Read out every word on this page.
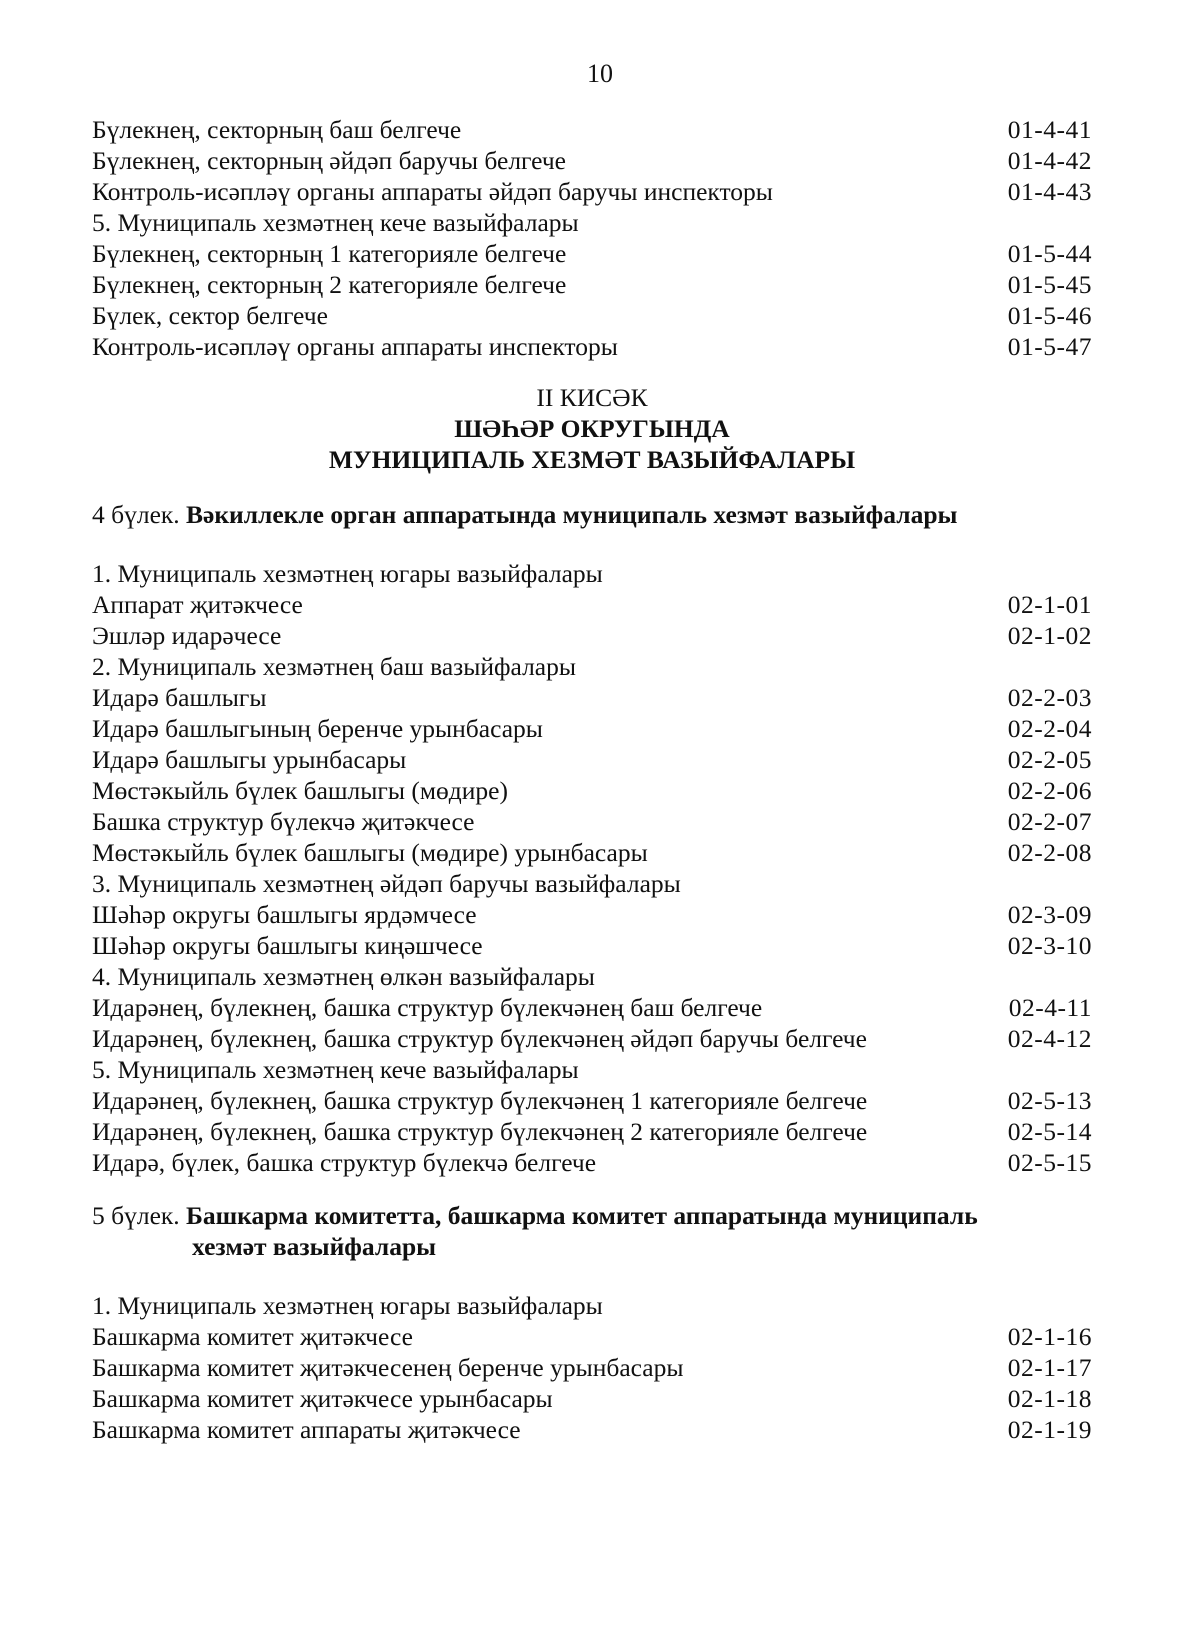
10
Бүлекнең, секторның баш белгече	01-4-41
Бүлекнең, секторның әйдәп баручы белгече	01-4-42
Контроль-исәпләү органы аппараты әйдәп баручы инспекторы	01-4-43
5. Муниципаль хезмәтнең кече вазыйфалары
Бүлекнең, секторның 1 категорияле белгече	01-5-44
Бүлекнең, секторның 2 категорияле белгече	01-5-45
Бүлек, сектор белгече	01-5-46
Контроль-исәпләү органы аппараты инспекторы	01-5-47
II КИСӘК
ШӘҺӘР ОКРУГЫНДА
МУНИЦИПАЛЬ ХЕЗМӘТ ВАЗЫЙФАЛАРЫ
4 бүлек. Вәкиллекле орган аппаратында муниципаль хезмәт вазыйфалары
1. Муниципаль хезмәтнең югары вазыйфалары
Аппарат җитәкчесе	02-1-01
Эшләр идарәчесе	02-1-02
2. Муниципаль хезмәтнең баш вазыйфалары
Идарә башлыгы	02-2-03
Идарә башлыгының беренче урынбасары	02-2-04
Идарә башлыгы урынбасары	02-2-05
Мөстәкыйль бүлек башлыгы (мөдире)	02-2-06
Башка структур бүлекчә җитәкчесе	02-2-07
Мөстәкыйль бүлек башлыгы (мөдире) урынбасары	02-2-08
3. Муниципаль хезмәтнең әйдәп баручы вазыйфалары
Шәһәр округы башлыгы ярдәмчесе	02-3-09
Шәһәр округы башлыгы киңәшчесе	02-3-10
4. Муниципаль хезмәтнең өлкән вазыйфалары
Идарәнең, бүлекнең, башка структур бүлекчәнең баш белгече	02-4-11
Идарәнең, бүлекнең, башка структур бүлекчәнең әйдәп баручы белгече	02-4-12
5. Муниципаль хезмәтнең кече вазыйфалары
Идарәнең, бүлекнең, башка структур бүлекчәнең 1 категорияле белгече	02-5-13
Идарәнең, бүлекнең, башка структур бүлекчәнең 2 категорияле белгече	02-5-14
Идарә, бүлек, башка структур бүлекчә белгече	02-5-15
5 бүлек. Башкарма комитетта, башкарма комитет аппаратында муниципаль
хезмәт вазыйфалары
1. Муниципаль хезмәтнең югары вазыйфалары
Башкарма комитет җитәкчесе	02-1-16
Башкарма комитет җитәкчесенең беренче урынбасары	02-1-17
Башкарма комитет җитәкчесе урынбасары	02-1-18
Башкарма комитет аппараты җитәкчесе	02-1-19
